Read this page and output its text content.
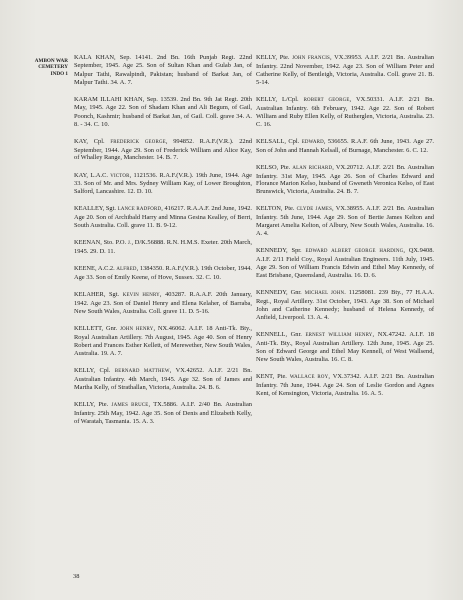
AMBON WAR
CEMETERY
INDO 1

KALA KHAN, Sep. 14141. 2nd Bn. 16th Punjab Regt. 22nd September, 1945. Age 25. Son of Sultan Khan and Gulab Jan, of Malpur Tathi, Rawalpindi, Pakistan; husband of Barkat Jan, of Malpur Tathi. 34. A. 7.

KARAM ILLAHI KHAN, Sep. 13539. 2nd Bn. 9th Jat Regt. 20th May, 1945. Age 22. Son of Shadam Khan and Ali Begum, of Gail, Poonch, Kashmir; husband of Barkat Jan, of Gail. Coll. grave 34. A. 8. - 34. C. 10.

KAY, Cpl. FREDERICK GEORGE, 994852. R.A.F.(V.R.). 22nd September, 1944. Age 29. Son of Frederick William and Alice Kay, of Whalley Range, Manchester. 14. B. 7.

KAY, L.A.C. VICTOR, 1121536. R.A.F.(V.R.). 19th June, 1944. Age 33. Son of Mr. and Mrs. Sydney William Kay, of Lower Broughton, Salford, Lancashire. 12. D. 10.

KEALLEY, Sgt. LANCE RADFORD, 416217. R.A.A.F. 2nd June, 1942. Age 20. Son of Archibald Harry and Minna Gesina Kealley, of Berri, South Australia. Coll. grave 11. B. 9-12.

KEENAN, Sto. P.O. J., D/K.56888. R.N. H.M.S. Exeter. 20th March, 1945. 29. D. 11.

KEENE, A.C.2. ALFRED, 1384350. R.A.F.(V.R.). 19th October, 1944. Age 33. Son of Emily Keene, of Hove, Sussex. 32. C. 10.

KELAHER, Sgt. KEVIN HENRY, 403287. R.A.A.F. 20th January, 1942. Age 23. Son of Daniel Henry and Elena Kelaher, of Barraba, New South Wales, Australia. Coll. grave 11. D. 5-16.

KELLETT, Gnr. JOHN HENRY, NX.46062. A.I.F. 18 Anti-Tk. Bty., Royal Australian Artillery. 7th August, 1945. Age 40. Son of Henry Robert and Frances Esther Kellett, of Merewether, New South Wales, Australia. 19. A. 7.

KELLY, Cpl. BERNARD MATTHEW, VX.42652. A.I.F. 2/21 Bn. Australian Infantry. 4th March, 1945. Age 32. Son of James and Martha Kelly, of Strathallan, Victoria, Australia. 24. B. 6.

KELLY, Pte. JAMES BRUCE, TX.5886. A.I.F. 2/40 Bn. Australian Infantry. 25th May, 1942. Age 35. Son of Denis and Elizabeth Kelly, of Waratah, Tasmania. 15. A. 3.

KELLY, Pte. JOHN FRANCIS, VX.39953. A.I.F. 2/21 Bn. Australian Infantry. 22nd November, 1942. Age 23. Son of William Peter and Catherine Kelly, of Bentleigh, Victoria, Australia. Coll. grave 21. B. 5-14.

KELLY, L/Cpl. ROBERT GEORGE, VX.50331. A.I.F. 2/21 Bn. Australian Infantry. 6th February, 1942. Age 22. Son of Robert William and Ruby Ellen Kelly, of Rutherglen, Victoria, Australia. 23. C. 16.

KELSALL, Cpl. EDWARD, 536655. R.A.F. 6th June, 1943. Age 27. Son of John and Hannah Kelsall, of Burnage, Manchester. 6. C. 12.

KELSO, Pte. ALAN RICHARD, VX.20712. A.I.F. 2/21 Bn. Australian Infantry. 31st May, 1945. Age 26. Son of Charles Edward and Florance Marion Kelso, husband of Gweneth Veronica Kelso, of East Brunswick, Victoria, Australia. 24. B. 7.

KELTON, Pte. CLYDE JAMES, VX.38955. A.I.F. 2/21 Bn. Australian Infantry. 5th June, 1944. Age 29. Son of Bertie James Kelton and Margaret Amelia Kelton, of Albury, New South Wales, Australia. 16. A. 4.

KENNEDY, Spr. EDWARD ALBERT GEORGE HARDING, QX.9408. A.I.F. 2/11 Field Coy., Royal Australian Engineers. 11th July, 1945. Age 29. Son of William Francis Edwin and Ethel May Kennedy, of East Brisbane, Queensland, Australia. 16. D. 6.

KENNEDY, Gnr. MICHAEL JOHN. 11258081. 239 Bty., 77 H.A.A. Regt., Royal Artillery. 31st October, 1943. Age 38. Son of Michael John and Catherine Kennedy; husband of Helena Kennedy, of Anfield, Liverpool. 13. A. 4.

KENNELL, Gnr. ERNEST WILLIAM HENRY, NX.47242. A.I.F. 18 Anti-Tk. Bty., Royal Australian Artillery. 12th June, 1945. Age 25. Son of Edward George and Ethel May Kennell, of West Wallsend, New South Wales, Australia. 16. C. 8.

KENT, Pte. WALLACE ROY, VX.37342. A.I.F. 2/21 Bn. Australian Infantry. 7th June, 1944. Age 24. Son of Leslie Gordon and Agnes Kent, of Kensington, Victoria, Australia. 16. A. 5.

38
